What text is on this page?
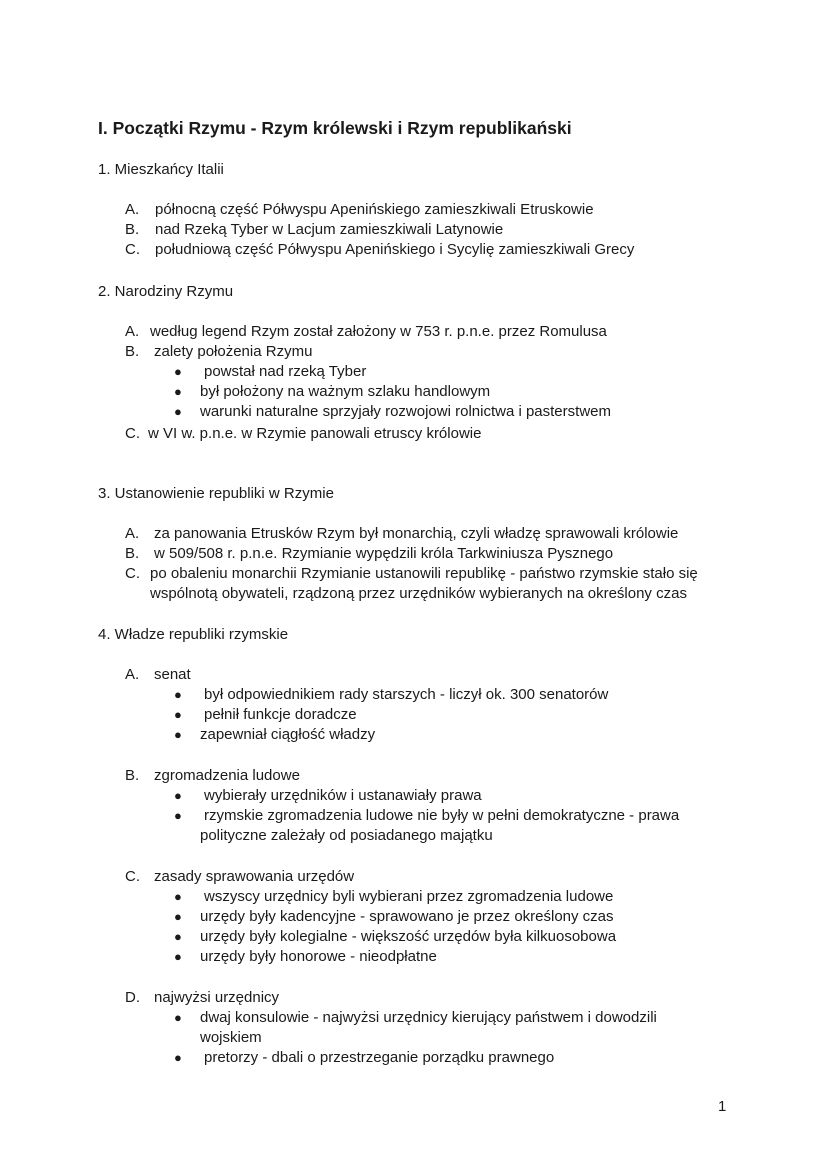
I. Początki Rzymu - Rzym królewski i Rzym republikański
1. Mieszkańcy Italii
A. północną część Półwyspu Apenińskiego zamieszkiwali Etruskowie
B. nad Rzeką Tyber w Lacjum zamieszkiwali Latynowie
C. południową część Półwyspu Apenińskiego i Sycylię zamieszkiwali Grecy
2. Narodziny Rzymu
A. według legend Rzym został założony w 753 r. p.n.e. przez Romulusa
B. zalety położenia Rzymu
● powstał nad rzeką Tyber
● był położony na ważnym szlaku handlowym
● warunki naturalne sprzyjały rozwojowi rolnictwa i pasterstwem
C. w VI w. p.n.e. w Rzymie panowali etruscy królowie
3. Ustanowienie republiki w Rzymie
A. za panowania Etrusków Rzym był monarchią, czyli władzę sprawowali królowie
B. w 509/508 r. p.n.e. Rzymianie wypędzili króla Tarkwiniusza Pysznego
C. po obaleniu monarchii Rzymianie ustanowili republikę - państwo rzymskie stało się
wspólnotą obywateli, rządzoną przez urzędników wybieranych na określony czas
4. Władze republiki rzymskie
A. senat
● był odpowiednikiem rady starszych - liczył ok. 300 senatorów
● pełnił funkcje doradcze
● zapewniał ciągłość władzy
B. zgromadzenia ludowe
● wybierały urzędników i ustanawiały prawa
● rzymskie zgromadzenia ludowe nie były w pełni demokratyczne - prawa
polityczne zależały od posiadanego majątku
C. zasady sprawowania urzędów
● wszyscy urzędnicy byli wybierani przez zgromadzenia ludowe
● urzędy były kadencyjne - sprawowano je przez określony czas
● urzędy były kolegialne - większość urzędów była kilkuosobowa
● urzędy były honorowe - nieodpłatne
D. najwyżsi urzędnicy
● dwaj konsulowie - najwyżsi urzędnicy kierujący państwem i dowodzili
wojskiem
● pretorzy - dbali o przestrzeganie porządku prawnego
1
